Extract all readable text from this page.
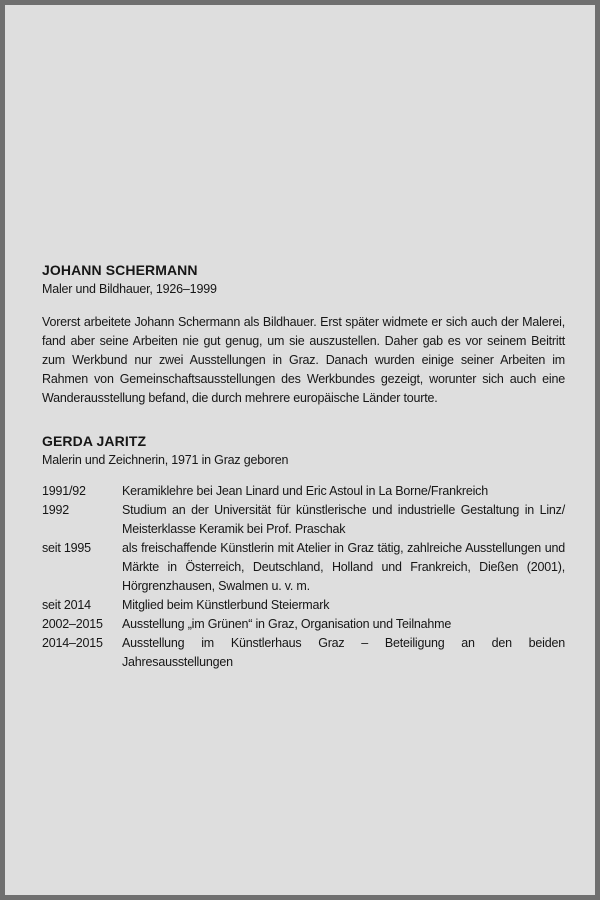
JOHANN SCHERMANN

Maler und Bildhauer, 1926–1999

Vorerst arbeitete Johann Schermann als Bildhauer. Erst später widmete er sich auch der Malerei, fand aber seine Arbeiten nie gut genug, um sie auszustellen. Daher gab es vor seinem Beitritt zum Werkbund nur zwei Ausstellungen in Graz. Danach wurden einige seiner Arbeiten im Rahmen von Gemeinschaftsausstellungen des Werkbundes gezeigt, worunter sich auch eine Wanderausstellung befand, die durch mehrere europäische Länder tourte.

GERDA JARITZ

Malerin und Zeichnerin, 1971 in Graz geboren

1991/92	Keramiklehre bei Jean Linard und Eric Astoul in La Borne/Frankreich
1992	Studium an der Universität für künstlerische und industrielle Gestaltung in Linz/ Meisterklasse Keramik bei Prof. Praschak
seit 1995	als freischaffende Künstlerin mit Atelier in Graz tätig, zahlreiche Ausstellungen und Märkte in Österreich, Deutschland, Holland und Frankreich, Dießen (2001), Hörgrenzhausen, Swalmen u. v. m.
seit 2014	Mitglied beim Künstlerbund Steiermark
2002–2015	Ausstellung „im Grünen“ in Graz, Organisation und Teilnahme
2014–2015	Ausstellung im Künstlerhaus Graz – Beteiligung an den beiden Jahresausstellungen
